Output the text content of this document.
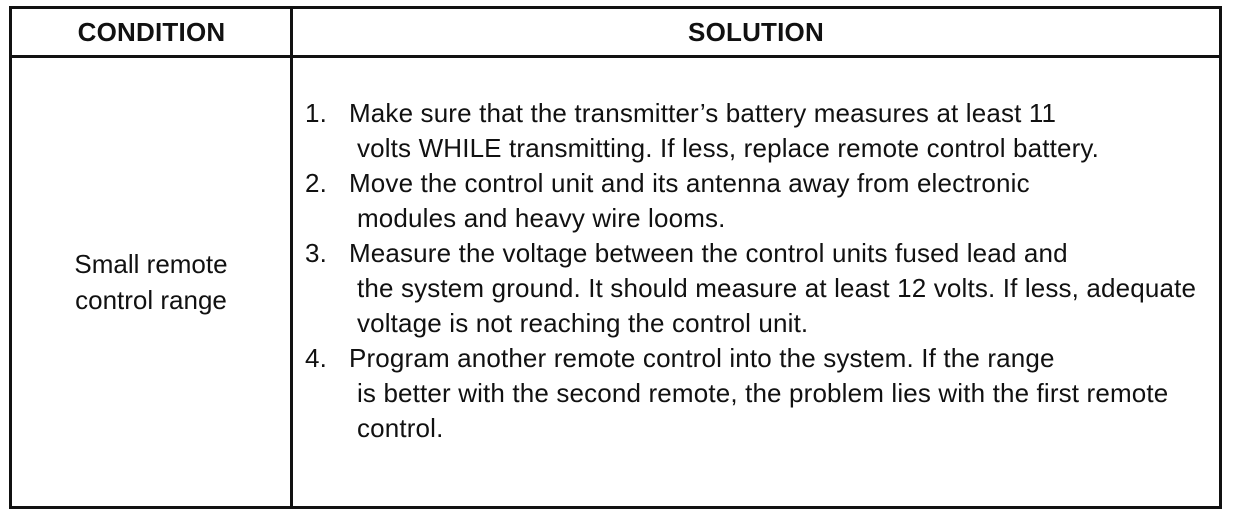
CONDITION	SOLUTION
Small remote control range
1. Make sure that the transmitter’s battery measures at least 11
volts WHILE transmitting. If less, replace remote control battery.
2. Move the control unit and its antenna away from electronic
modules and heavy wire looms.
3. Measure the voltage between the control units fused lead and
the system ground. It should measure at least 12 volts. If less, adequate voltage is not reaching the control unit.
4. Program another remote control into the system. If the range
is better with the second remote, the problem lies with the first remote control.
